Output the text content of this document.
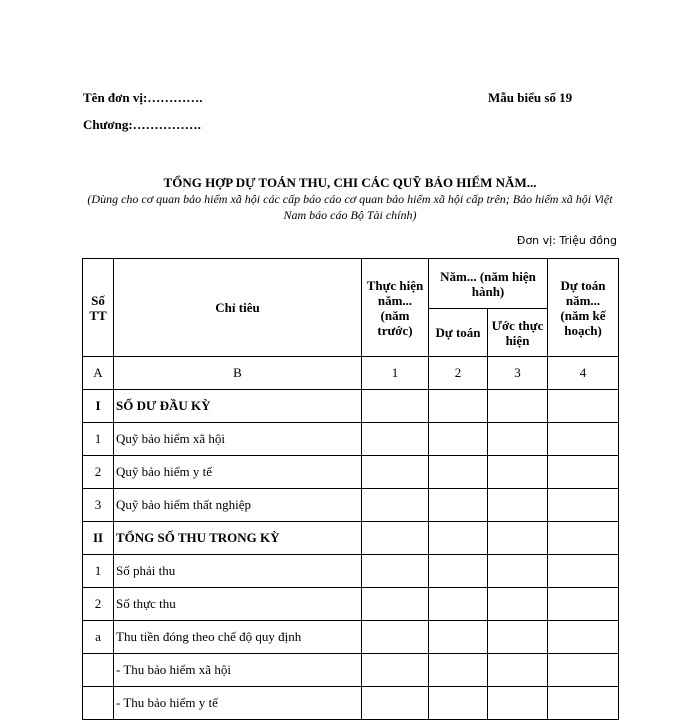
Tên đơn vị:………….
Chương:…………….
Mẫu biểu số 19
TỔNG HỢP DỰ TOÁN THU, CHI CÁC QUỸ BẢO HIỂM NĂM...
(Dùng cho cơ quan bảo hiểm xã hội các cấp báo cáo cơ quan bảo hiểm xã hội cấp trên; Bảo hiểm xã hội Việt Nam báo cáo Bộ Tài chính)
Đơn vị: Triệu đồng
Số TT	Chỉ tiêu	Thực hiện năm... (năm trước)	Năm... (năm hiện hành)		Dự toán năm... (năm kế hoạch)
			Dự toán	Ước thực hiện	
A	B	1	2	3	4
I	SỐ DƯ ĐẦU KỲ				
1	Quỹ bảo hiểm xã hội				
2	Quỹ bảo hiểm y tế				
3	Quỹ bảo hiểm thất nghiệp				
II	TỔNG SỐ THU TRONG KỲ				
1	Số phải thu				
2	Số thực thu				
a	Thu tiền đóng theo chế độ quy định				
	- Thu bảo hiểm xã hội				
	- Thu bảo hiểm y tế				
